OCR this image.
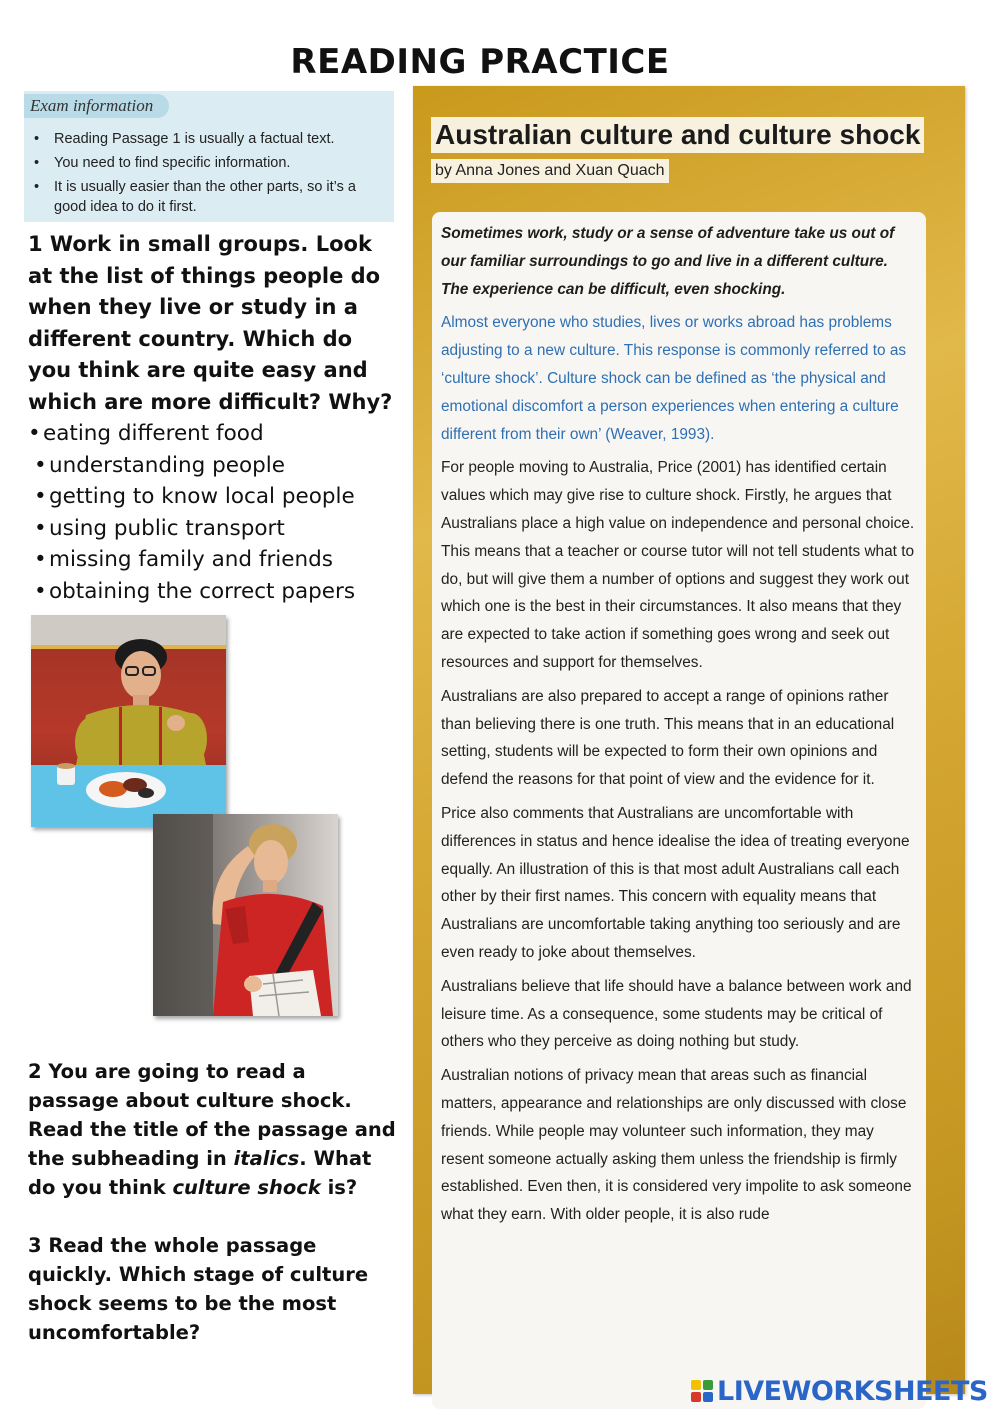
READING PRACTICE
Exam information
• Reading Passage 1 is usually a factual text.
• You need to find specific information.
• It is usually easier than the other parts, so it’s a good idea to do it first.

1 Work in small groups. Look at the list of things people do when they live or study in a different country. Which do you think are quite easy and which are more difficult? Why?

• eating different food
• understanding people
• getting to know local people
• using public transport
• missing family and friends
• obtaining the correct papers

2 You are going to read a passage about culture shock. Read the title of the passage and the subheading in italics. What do you think culture shock is?

3 Read the whole passage quickly. Which stage of culture shock seems to be the most uncomfortable?

Australian culture and culture shock
by Anna Jones and Xuan Quach

Sometimes work, study or a sense of adventure take us out of our familiar surroundings to go and live in a different culture. The experience can be difficult, even shocking.

Almost everyone who studies, lives or works abroad has problems adjusting to a new culture. This response is commonly referred to as ‘culture shock’. Culture shock can be defined as ‘the physical and emotional discomfort a person experiences when entering a culture different from their own’ (Weaver, 1993).

For people moving to Australia, Price (2001) has identified certain values which may give rise to culture shock. Firstly, he argues that Australians place a high value on independence and personal choice. This means that a teacher or course tutor will not tell students what to do, but will give them a number of options and suggest they work out which one is the best in their circumstances. It also means that they are expected to take action if something goes wrong and seek out resources and support for themselves.

Australians are also prepared to accept a range of opinions rather than believing there is one truth. This means that in an educational setting, students will be expected to form their own opinions and defend the reasons for that point of view and the evidence for it.

Price also comments that Australians are uncomfortable with differences in status and hence idealise the idea of treating everyone equally. An illustration of this is that most adult Australians call each other by their first names. This concern with equality means that Australians are uncomfortable taking anything too seriously and are even ready to joke about themselves.

Australians believe that life should have a balance between work and leisure time. As a consequence, some students may be critical of others who they perceive as doing nothing but study.

Australian notions of privacy mean that areas such as financial matters, appearance and relationships are only discussed with close friends. While people may volunteer such information, they may resent someone actually asking them unless the friendship is firmly established. Even then, it is considered very impolite to ask someone what they earn. With older people, it is also rude

LIVEWORKSHEETS
